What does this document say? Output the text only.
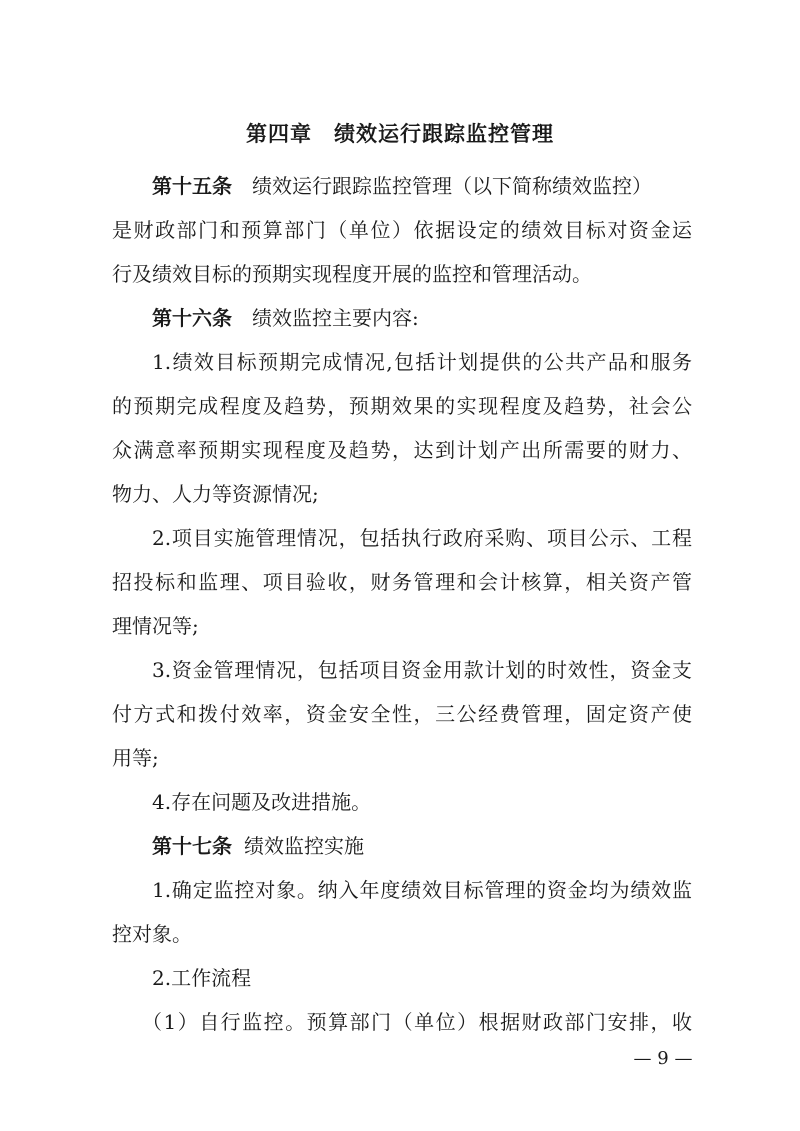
第四章　绩效运行跟踪监控管理
第十五条 绩效运行跟踪监控管理（以下简称绩效监控）
是财政部门和预算部门（单位）依据设定的绩效目标对资金运
行及绩效目标的预期实现程度开展的监控和管理活动。
第十六条 绩效监控主要内容:
1.绩效目标预期完成情况,包括计划提供的公共产品和服务
的预期完成程度及趋势，预期效果的实现程度及趋势，社会公
众满意率预期实现程度及趋势，达到计划产出所需要的财力、
物力、人力等资源情况;
2.项目实施管理情况，包括执行政府采购、项目公示、工程
招投标和监理、项目验收，财务管理和会计核算，相关资产管
理情况等;
3.资金管理情况，包括项目资金用款计划的时效性，资金支
付方式和拨付效率，资金安全性，三公经费管理，固定资产使
用等;
4.存在问题及改进措施。
第十七条 绩效监控实施
1.确定监控对象。纳入年度绩效目标管理的资金均为绩效监
控对象。
2.工作流程
（1）自行监控。预算部门（单位）根据财政部门安排，收
— 9 —
